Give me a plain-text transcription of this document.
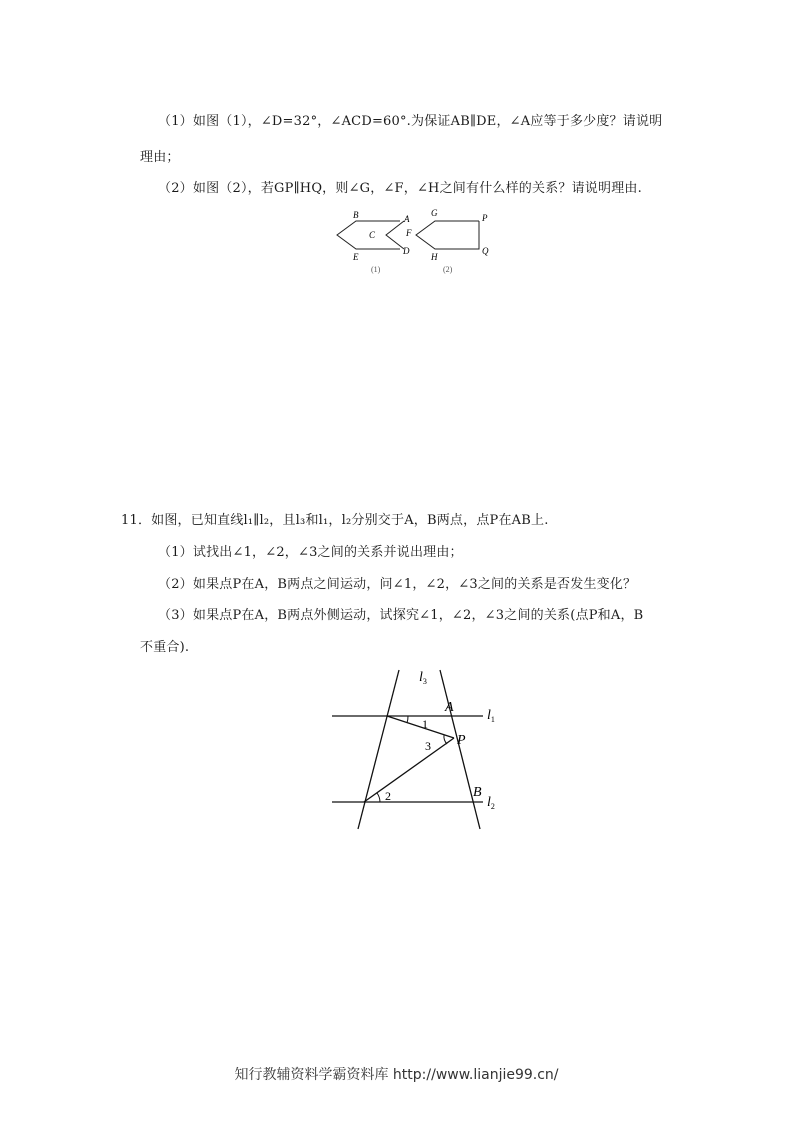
（1）如图（1），∠D=32°，∠ACD=60°.为保证AB∥DE，∠A应等于多少度？请说明
理由；
（2）如图（2），若GP∥HQ，则∠G，∠F，∠H之间有什么样的关系？请说明理由.
B	A
C
E
D
(1)
G	P
F
H
Q
(2)
11．如图，已知直线l₁∥l₂，且l₃和l₁，l₂分别交于A，B两点，点P在AB上.
（1）试找出∠1，∠2，∠3之间的关系并说出理由；
（2）如果点P在A，B两点之间运动，问∠1，∠2，∠3之间的关系是否发生变化？
（3）如果点P在A，B两点外侧运动，试探究∠1，∠2，∠3之间的关系(点P和A，B
不重合).
$l_3$
A
$l_1$
1
P
3
B
$l_2$
2
知行教辅资料学霸资料库 http://www.lianjie99.cn/
